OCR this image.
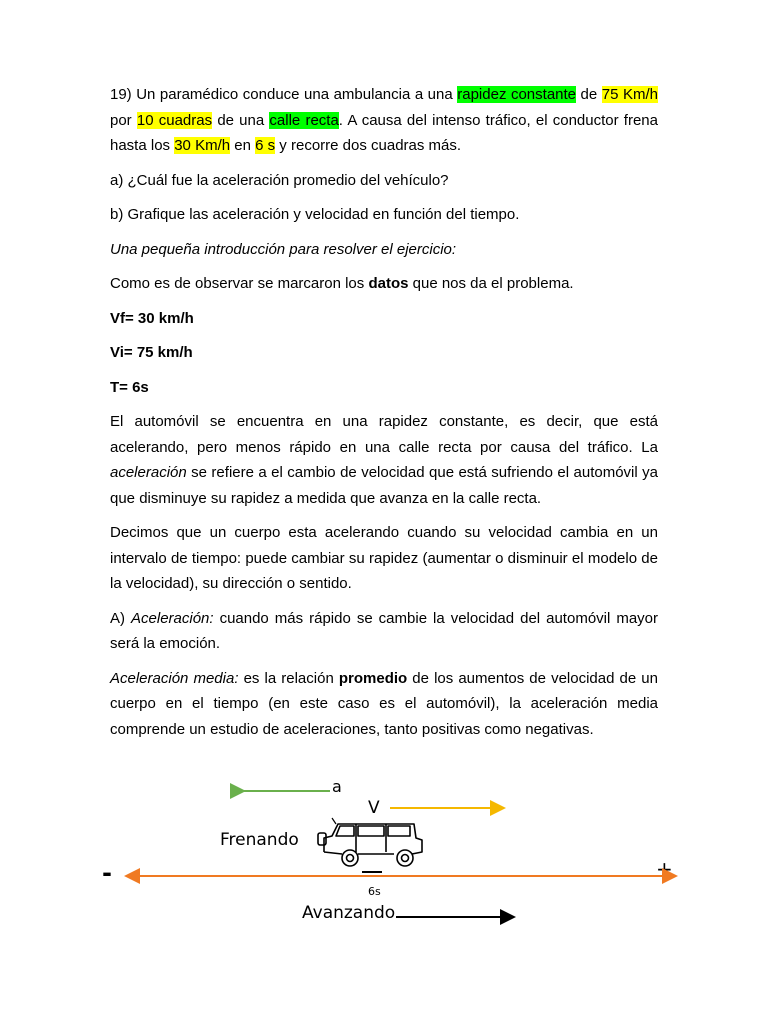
19) Un paramédico conduce una ambulancia a una rapidez constante de 75 Km/h por 10 cuadras de una calle recta. A causa del intenso tráfico, el conductor frena hasta los 30 Km/h en 6 s y recorre dos cuadras más.

a) ¿Cuál fue la aceleración promedio del vehículo?

b) Grafique las aceleración y velocidad en función del tiempo.

Una pequeña introducción para resolver el ejercicio:

Como es de observar se marcaron los datos que nos da el problema.

Vf= 30 km/h

Vi= 75 km/h

T= 6s

El automóvil se encuentra en una rapidez constante, es decir, que está acelerando, pero menos rápido en una calle recta por causa del tráfico. La aceleración se refiere a el cambio de velocidad que está sufriendo el automóvil ya que disminuye su rapidez a medida que avanza en la calle recta.

Decimos que un cuerpo esta acelerando cuando su velocidad cambia en un intervalo de tiempo: puede cambiar su rapidez (aumentar o disminuir el modelo de la velocidad), su dirección o sentido.

A) Aceleración: cuando más rápido se cambie la velocidad del automóvil mayor será la emoción.

Aceleración media: es la relación promedio de los aumentos de velocidad de un cuerpo en el tiempo (en este caso es el automóvil), la aceleración media comprende un estudio de aceleraciones, tanto positivas como negativas.

a
V
Frenando
-	+
6s
Avanzando
